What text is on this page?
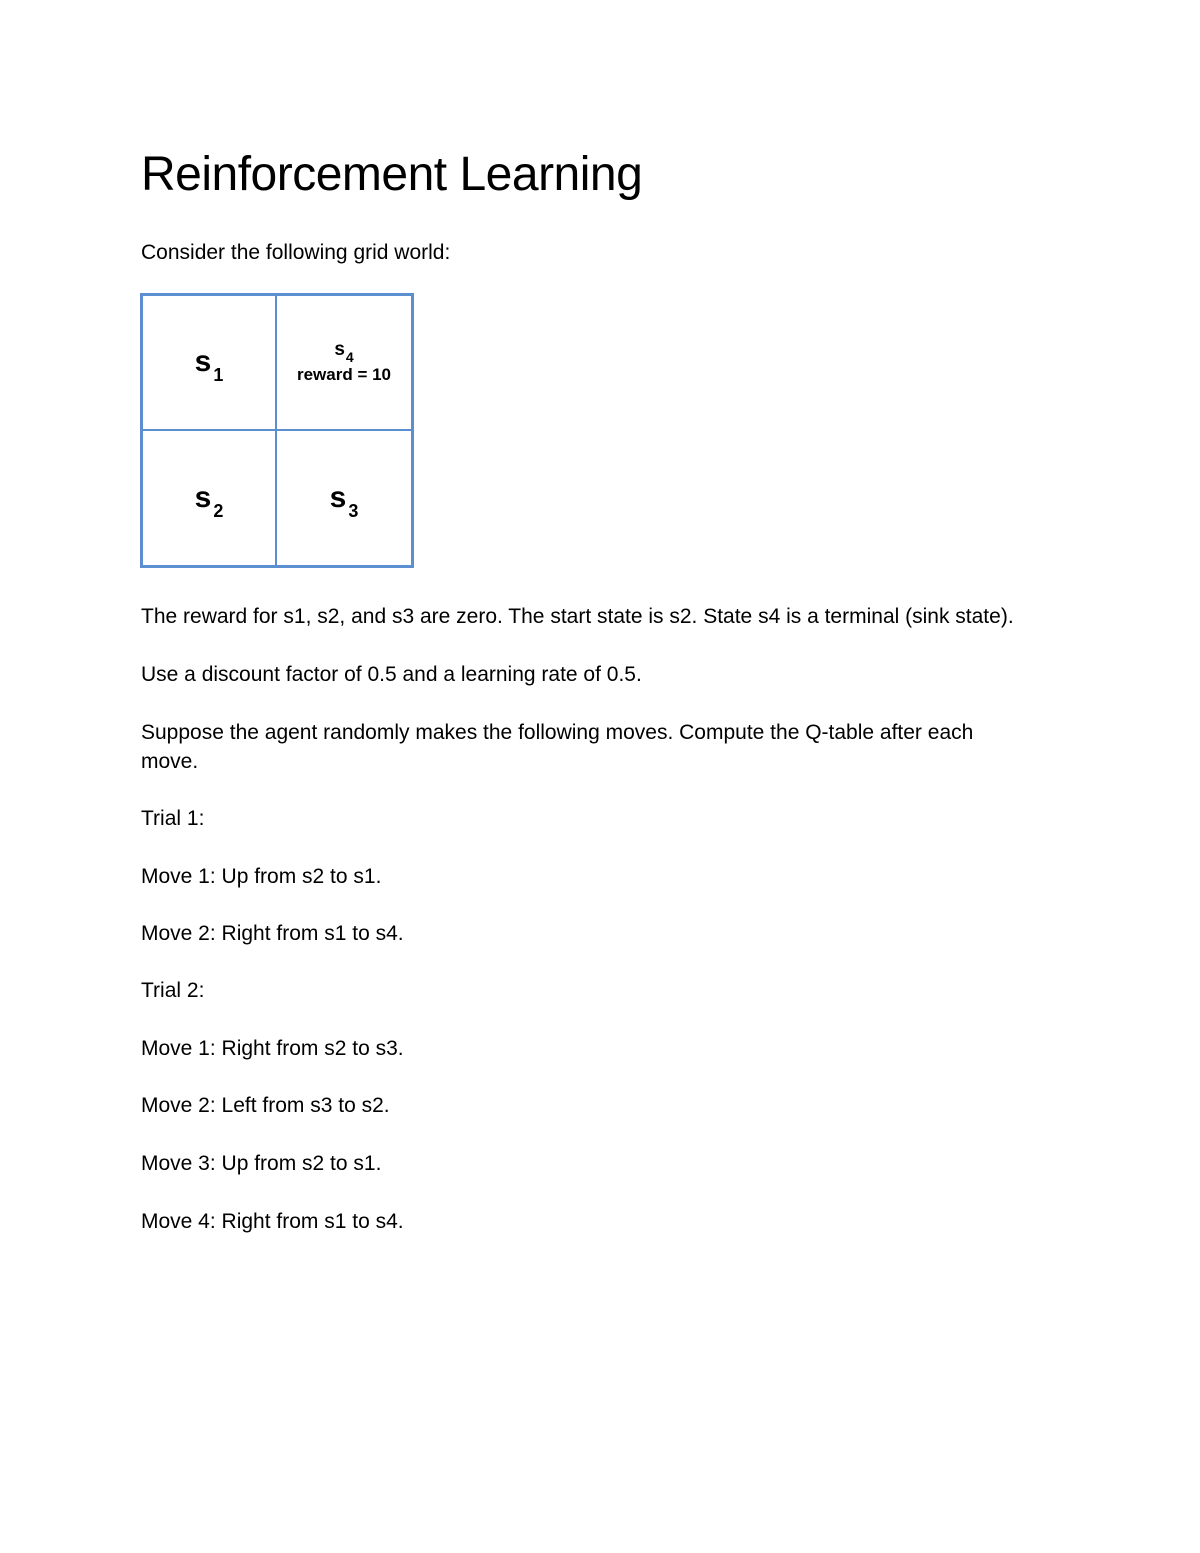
Reinforcement Learning

Consider the following grid world:

s $_1$
$s_4$
reward = 10
s $_2$	s $_3$

The reward for s1, s2, and s3 are zero. The start state is s2. State s4 is a terminal (sink state).

Use a discount factor of 0.5 and a learning rate of 0.5.

Suppose the agent randomly makes the following moves. Compute the Q-table after each

move.

Trial 1:

Move 1: Up from s2 to s1.

Move 2: Right from s1 to s4.

Trial 2:

Move 1: Right from s2 to s3.

Move 2: Left from s3 to s2.

Move 3: Up from s2 to s1.

Move 4: Right from s1 to s4.
